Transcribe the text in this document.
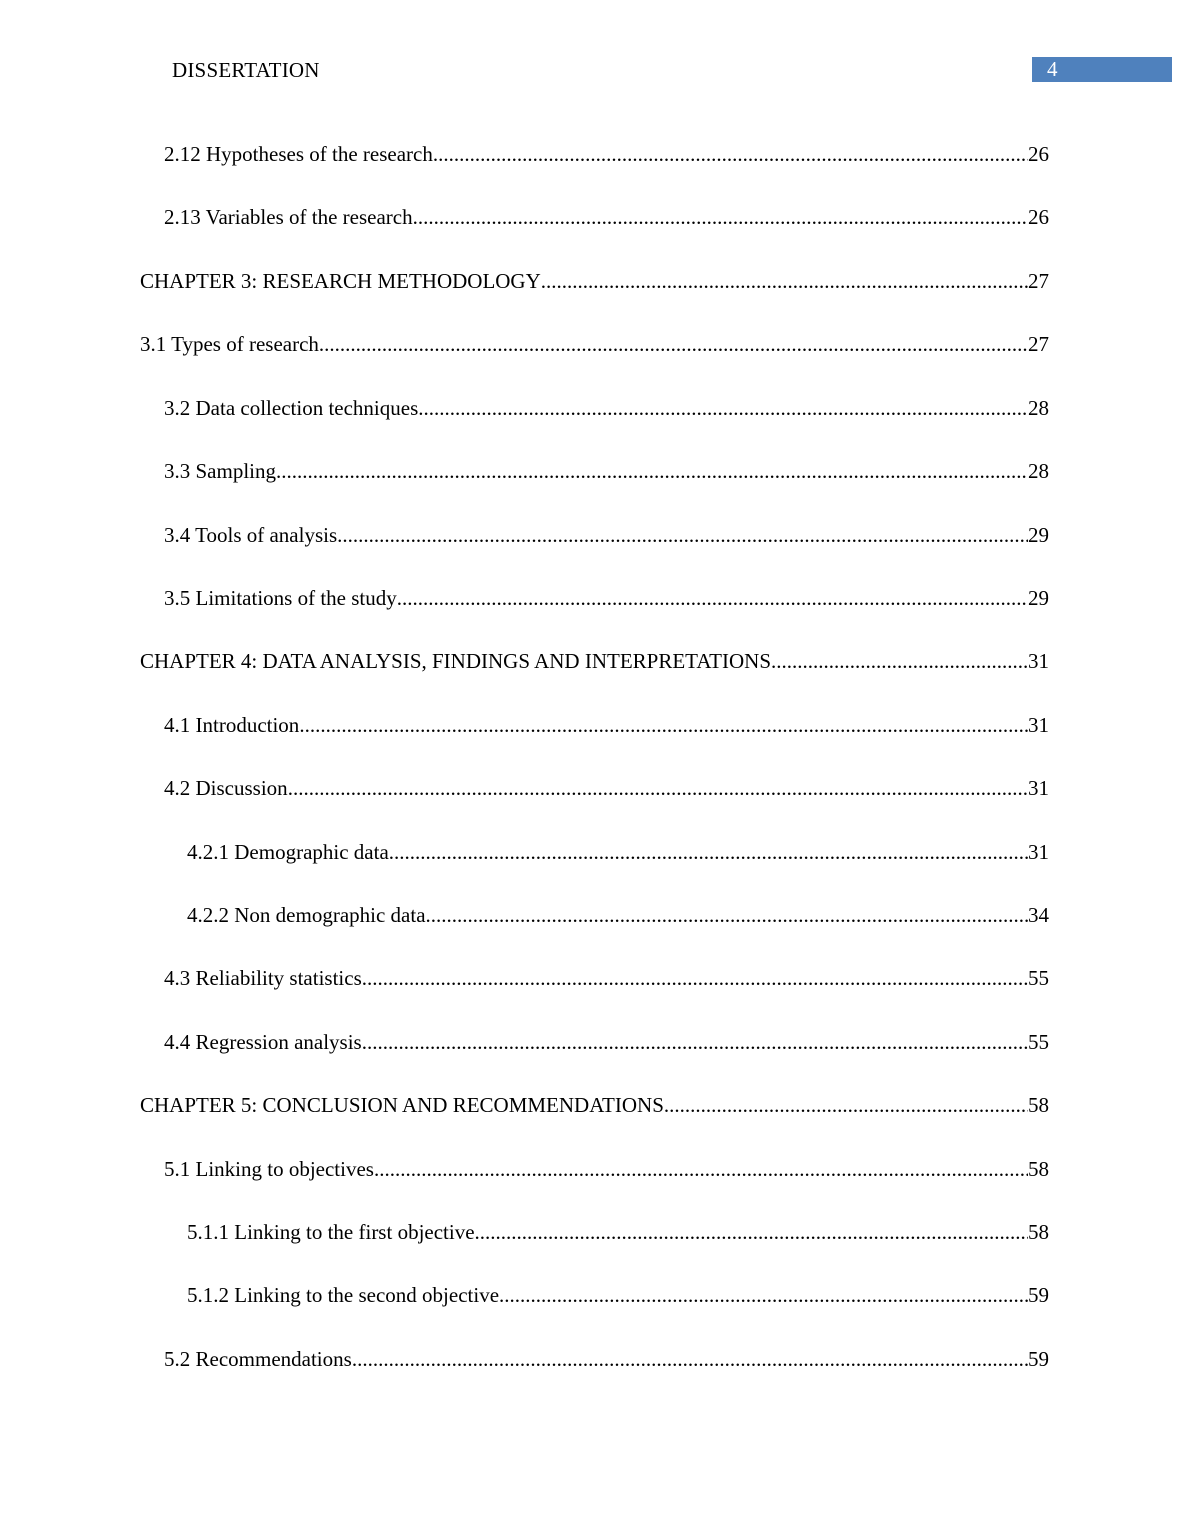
DISSERTATION	4
2.12 Hypotheses of the research .....	26
2.13 Variables of the research .....	26
CHAPTER 3: RESEARCH METHODOLOGY .....	27
3.1 Types of research .....	27
3.2 Data collection techniques .....	28
3.3 Sampling .....	28
3.4 Tools of analysis .....	29
3.5 Limitations of the study .....	29
CHAPTER 4: DATA ANALYSIS, FINDINGS AND INTERPRETATIONS .....	31
4.1 Introduction .....	31
4.2 Discussion .....	31
4.2.1 Demographic data .....	31
4.2.2 Non demographic data .....	34
4.3 Reliability statistics .....	55
4.4 Regression analysis .....	55
CHAPTER 5: CONCLUSION AND RECOMMENDATIONS .....	58
5.1 Linking to objectives .....	58
5.1.1 Linking to the first objective .....	58
5.1.2 Linking to the second objective .....	59
5.2 Recommendations .....	59
